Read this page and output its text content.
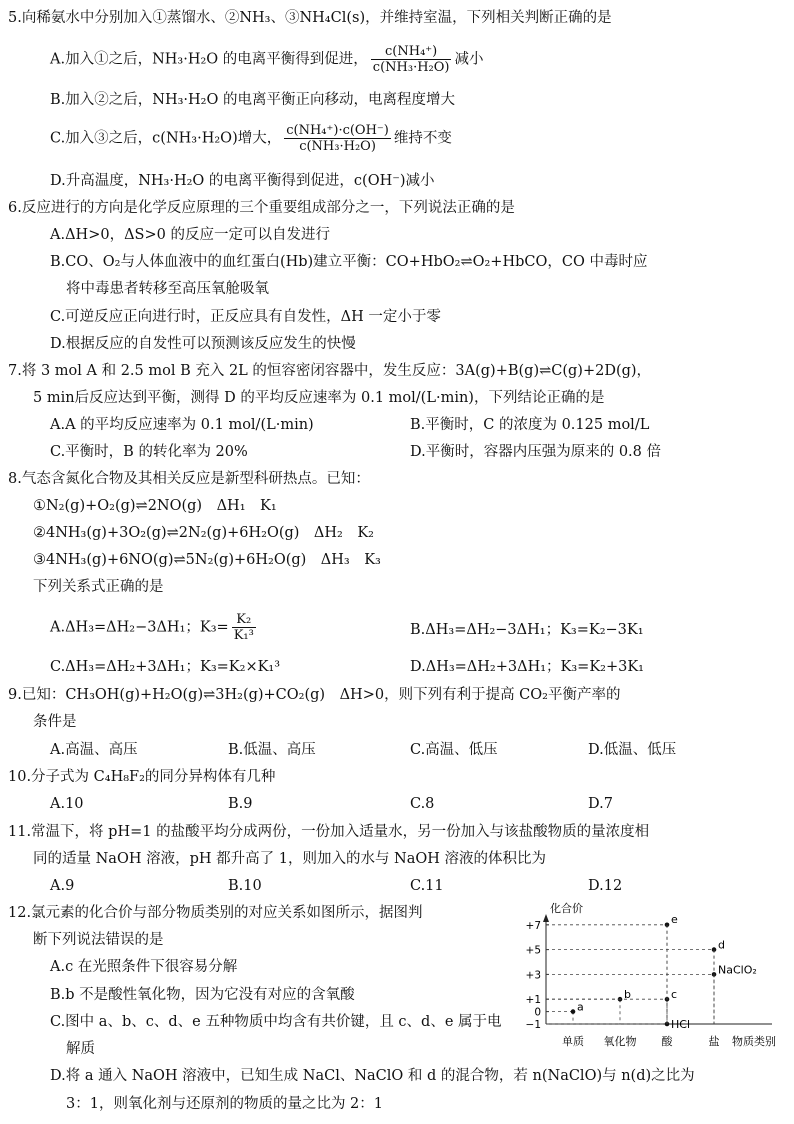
5.向稀氨水中分别加入①蒸馏水、②NH₃、③NH₄Cl(s)，并维持室温，下列相关判断正确的是
A.加入①之后，NH₃·H₂O 的电离平衡得到促进， $\frac{\text{c(NH₄⁺)}}{\text{c(NH₃·H₂O)}}$ 减小
B.加入②之后，NH₃·H₂O 的电离平衡正向移动，电离程度增大
C.加入③之后，c(NH₃·H₂O)增大， $\frac{\text{c(NH₄⁺)·c(OH⁻)}}{\text{c(NH₃·H₂O)}}$ 维持不变
D.升高温度，NH₃·H₂O 的电离平衡得到促进，c(OH⁻)减小
6.反应进行的方向是化学反应原理的三个重要组成部分之一，下列说法正确的是
A.ΔH>0，ΔS>0 的反应一定可以自发进行
B.CO、O₂与人体血液中的血红蛋白(Hb)建立平衡：CO+HbO₂⇌O₂+HbCO，CO 中毒时应
将中毒患者转移至高压氧舱吸氧
C.可逆反应正向进行时，正反应具有自发性，ΔH 一定小于零
D.根据反应的自发性可以预测该反应发生的快慢
7.将 3 mol A 和 2.5 mol B 充入 2L 的恒容密闭容器中，发生反应：3A(g)+B(g)⇌C(g)+2D(g)，
5 min后反应达到平衡，测得 D 的平均反应速率为 0.1 mol/(L·min)，下列结论正确的是
A.A 的平均反应速率为 0.1 mol/(L·min)	B.平衡时，C 的浓度为 0.125 mol/L
C.平衡时，B 的转化率为 20%	D.平衡时，容器内压强为原来的 0.8 倍
8.气态含氮化合物及其相关反应是新型科研热点。已知：
①N₂(g)+O₂(g)⇌2NO(g)　ΔH₁　K₁
②4NH₃(g)+3O₂(g)⇌2N₂(g)+6H₂O(g)　ΔH₂　K₂
③4NH₃(g)+6NO(g)⇌5N₂(g)+6H₂O(g)　ΔH₃　K₃
下列关系式正确的是
A.ΔH₃=ΔH₂−3ΔH₁；$K_3= \frac{\text{K₂}}{\text{K₁³}}$	B.ΔH₃=ΔH₂−3ΔH₁；K₃=K₂−3K₁
C.ΔH₃=ΔH₂+3ΔH₁；K₃=K₂×K₁³	D.ΔH₃=ΔH₂+3ΔH₁；K₃=K₂+3K₁
9.已知：CH₃OH(g)+H₂O(g)⇌3H₂(g)+CO₂(g)　ΔH>0，则下列有利于提高 CO₂平衡产率的
条件是
A.高温、高压	B.低温、高压	C.高温、低压	D.低温、低压
10.分子式为 C₄H₈F₂的同分异构体有几种
A.10	B.9	C.8	D.7
11.常温下，将 pH=1 的盐酸平均分成两份，一份加入适量水，另一份加入与该盐酸物质的量浓度相
同的适量 NaOH 溶液，pH 都升高了 1，则加入的水与 NaOH 溶液的体积比为
A.9	B.10	C.11	D.12
12.氯元素的化合价与部分物质类别的对应关系如图所示，据图判
断下列说法错误的是
A.c 在光照条件下很容易分解
B.b 不是酸性氧化物，因为它没有对应的含氧酸
C.图中 a、b、c、d、e 五种物质中均含有共价键，且 c、d、e 属于电
解质
D.将 a 通入 NaOH 溶液中，已知生成 NaCl、NaClO 和 d 的混合物，若 n(NaClO)与 n(d)之比为
3：1，则氧化剂与还原剂的物质的量之比为 2：1
化合价
物质类别
+7
+5
+3
+1
0
−1
单质 氧化物 酸	盐
a
b	c
HCl
e
d
NaClO₂
